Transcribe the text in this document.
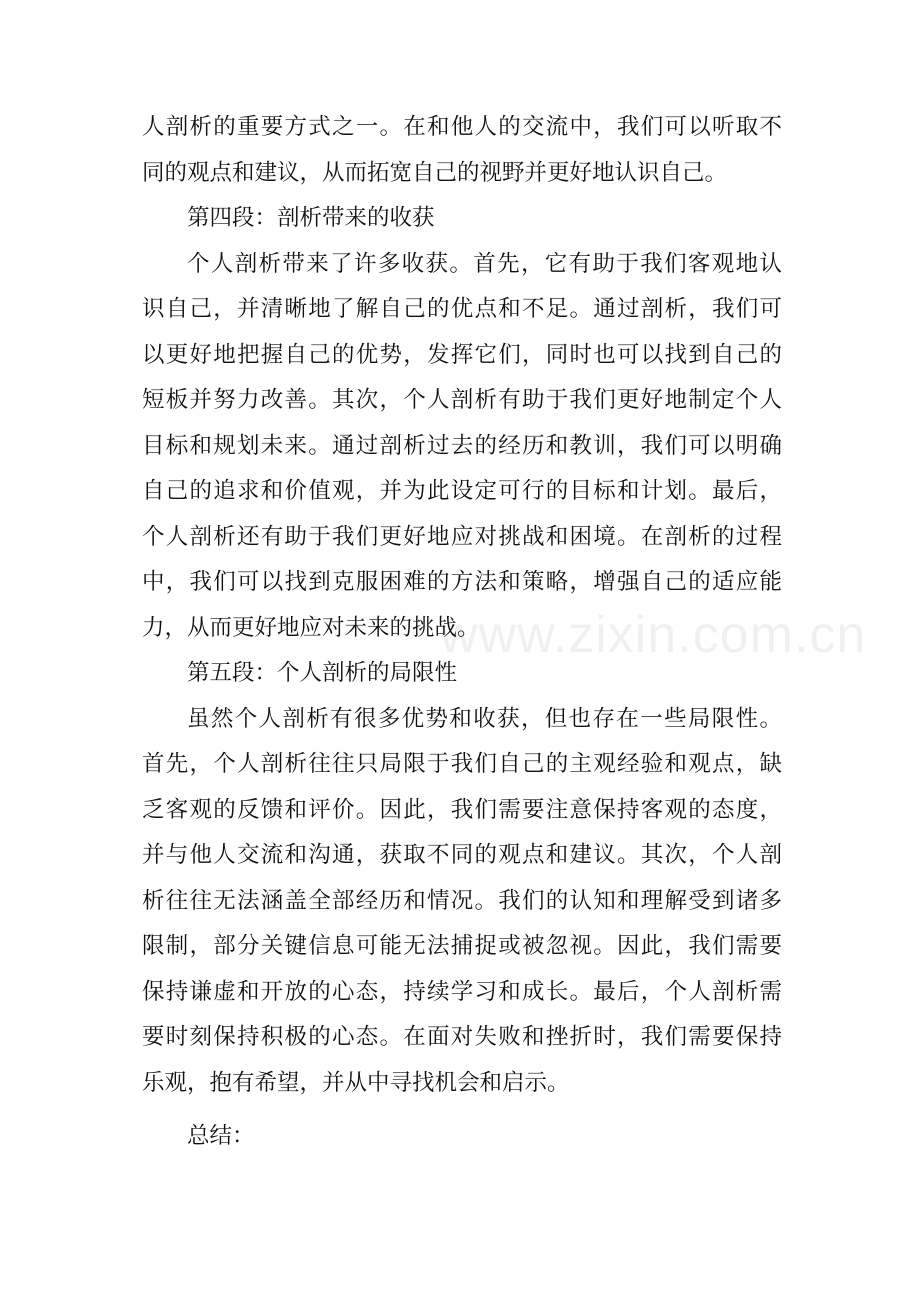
人剖析的重要方式之一。在和他人的交流中，我们可以听取不
同的观点和建议，从而拓宽自己的视野并更好地认识自己。
第四段：剖析带来的收获
个人剖析带来了许多收获。首先，它有助于我们客观地认
识自己，并清晰地了解自己的优点和不足。通过剖析，我们可
以更好地把握自己的优势，发挥它们，同时也可以找到自己的
短板并努力改善。其次，个人剖析有助于我们更好地制定个人
目标和规划未来。通过剖析过去的经历和教训，我们可以明确
自己的追求和价值观，并为此设定可行的目标和计划。最后，
个人剖析还有助于我们更好地应对挑战和困境。在剖析的过程
中，我们可以找到克服困难的方法和策略，增强自己的适应能
力，从而更好地应对未来的挑战。
第五段：个人剖析的局限性
虽然个人剖析有很多优势和收获，但也存在一些局限性。
首先，个人剖析往往只局限于我们自己的主观经验和观点，缺
乏客观的反馈和评价。因此，我们需要注意保持客观的态度，
并与他人交流和沟通，获取不同的观点和建议。其次，个人剖
析往往无法涵盖全部经历和情况。我们的认知和理解受到诸多
限制，部分关键信息可能无法捕捉或被忽视。因此，我们需要
保持谦虚和开放的心态，持续学习和成长。最后，个人剖析需
要时刻保持积极的心态。在面对失败和挫折时，我们需要保持
乐观，抱有希望，并从中寻找机会和启示。
总结：
www.zixin.com.cn
